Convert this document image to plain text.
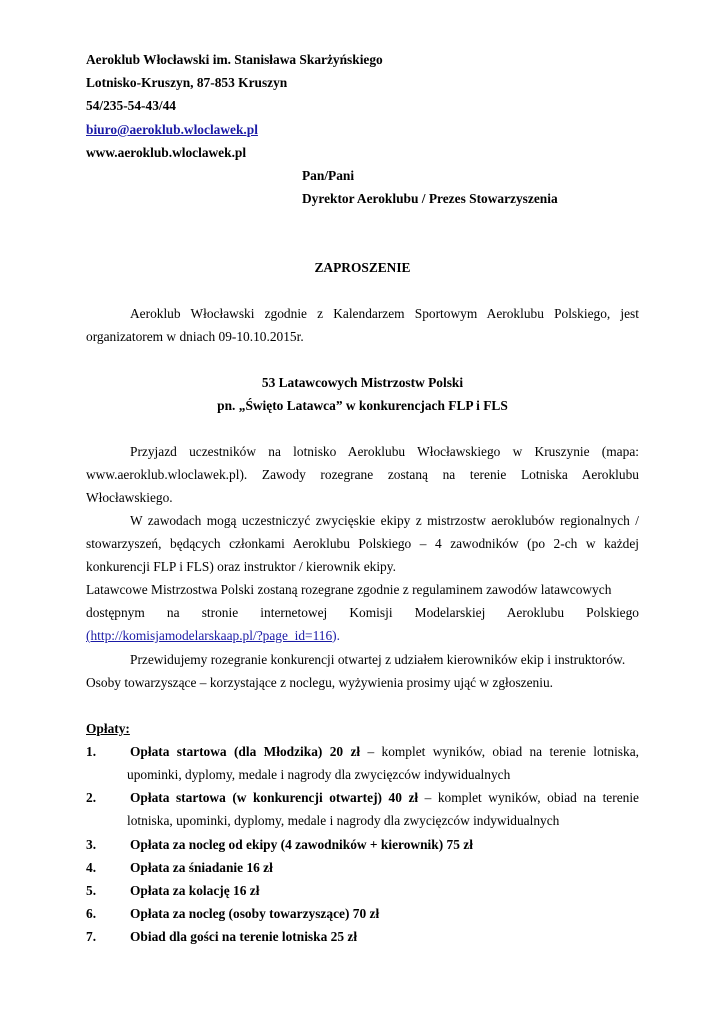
Aeroklub Włocławski im. Stanisława Skarżyńskiego
Lotnisko-Kruszyn, 87-853 Kruszyn
54/235-54-43/44
biuro@aeroklub.wloclawek.pl
www.aeroklub.wloclawek.pl
Pan/Pani
Dyrektor Aeroklubu / Prezes Stowarzyszenia
ZAPROSZENIE
Aeroklub Włocławski zgodnie z Kalendarzem Sportowym Aeroklubu Polskiego, jest
organizatorem w dniach 09-10.10.2015r.
53 Latawcowych Mistrzostw Polski
pn. „Święto Latawca” w konkurencjach FLP i FLS
Przyjazd uczestników na lotnisko Aeroklubu Włocławskiego w Kruszynie (mapa:
www.aeroklub.wloclawek.pl). Zawody rozegrane zostaną na terenie Lotniska Aeroklubu
Włocławskiego.
W zawodach mogą uczestniczyć zwycięskie ekipy z mistrzostw aeroklubów regionalnych /
stowarzyszeń, będących członkami Aeroklubu Polskiego – 4 zawodników (po 2-ch w każdej
konkurencji FLP i FLS) oraz instruktor / kierownik ekipy.
Latawcowe Mistrzostwa Polski zostaną rozegrane zgodnie z regulaminem zawodów latawcowych
dostępnym na stronie internetowej Komisji Modelarskiej Aeroklubu Polskiego
(http://komisjamodelarskaap.pl/?page_id=116).
Przewidujemy rozegranie konkurencji otwartej z udziałem kierowników ekip i instruktorów.
Osoby towarzyszące – korzystające z noclegu, wyżywienia prosimy ująć w zgłoszeniu.
Opłaty:
1.	Opłata startowa (dla Młodzika) 20 zł – komplet wyników, obiad na terenie lotniska,
upominki, dyplomy, medale i nagrody dla zwycięzców indywidualnych
2.	Opłata startowa (w konkurencji otwartej) 40 zł – komplet wyników, obiad na terenie
lotniska, upominki, dyplomy, medale i nagrody dla zwycięzców indywidualnych
3.	Opłata za nocleg od ekipy (4 zawodników + kierownik) 75 zł
4.	Opłata za śniadanie 16 zł
5.	Opłata za kolację 16 zł
6.	Opłata za nocleg (osoby towarzyszące) 70 zł
7.	Obiad dla gości na terenie lotniska 25 zł
